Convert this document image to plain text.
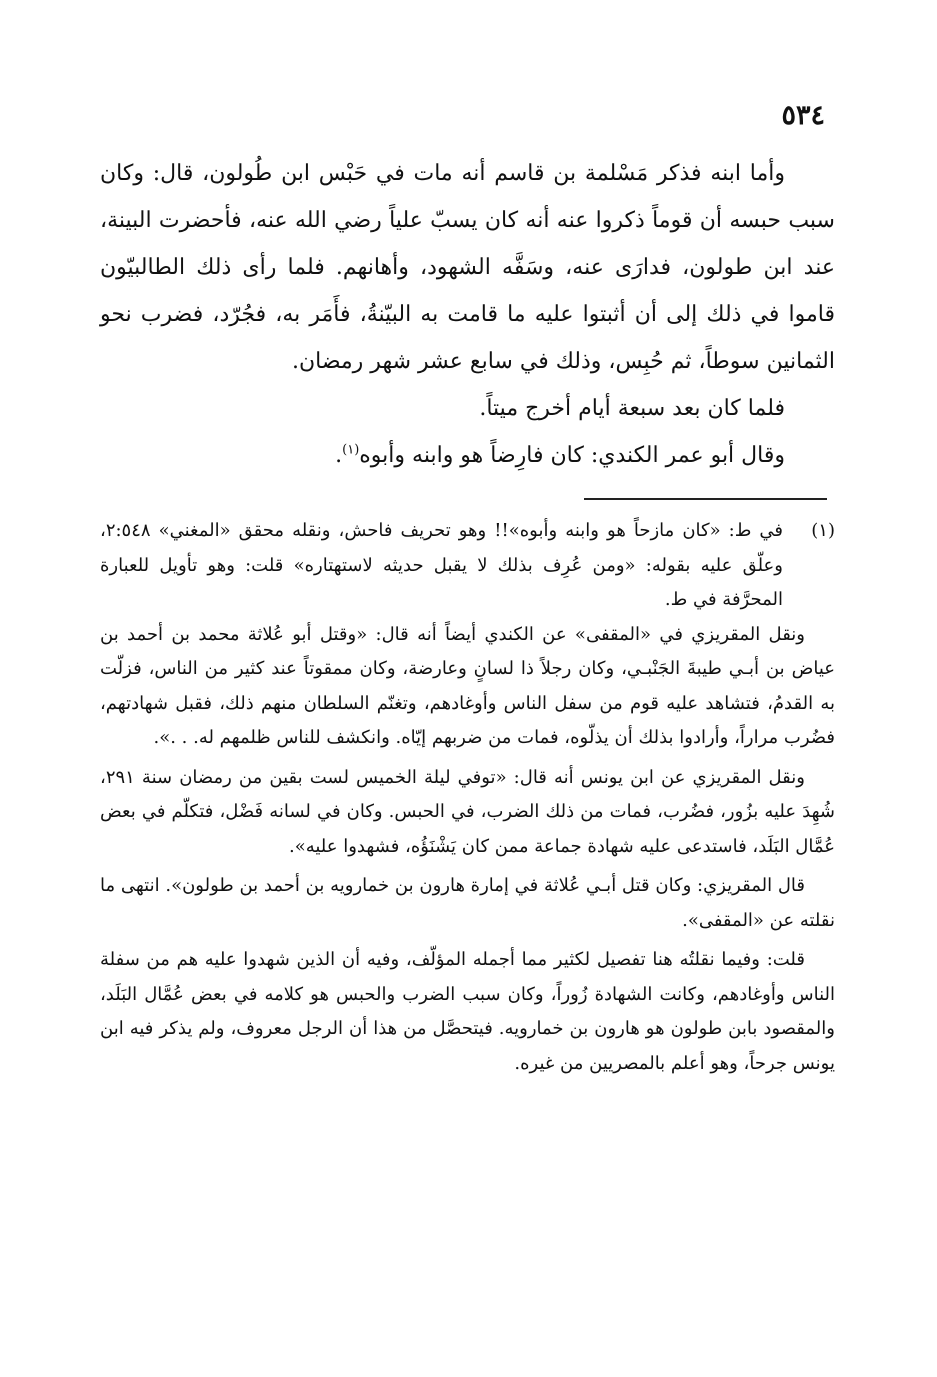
٥٣٤

وأما ابنه فذكر مَسْلمة بن قاسم أنه مات في حَبْس ابن طُولون، قال: وكان سبب حبسه أن قوماً ذكروا عنه أنه كان يسبّ علياً رضي الله عنه، فأحضرت البينة، عند ابن طولون، فدارَى عنه، وسَفَّه الشهود، وأهانهم. فلما رأى ذلك الطالبيّون قاموا في ذلك إلى أن أثبتوا عليه ما قامت به البيّنةُ، فأَمَر به، فجُرّد، فضرب نحو الثمانين سوطاً، ثم حُبِس، وذلك في سابع عشر شهر رمضان.

فلما كان بعد سبعة أيام أخرج ميتاً.

وقال أبو عمر الكندي: كان فارِضاً هو وابنه وأبوه$^{(١)}$.

(١)
في ط: «كان مازحاً هو وابنه وأبوه»!! وهو تحريف فاحش، ونقله محقق «المغني» ٢:٥٤٨، وعلّق عليه بقوله: «ومن عُرِف بذلك لا يقبل حديثه لاستهتاره» قلت: وهو تأويل للعبارة المحرَّفة في ط.

ونقل المقريزي في «المقفى» عن الكندي أيضاً أنه قال: «وقتل أبو عُلاثة محمد بن أحمد بن عياض بن أبـي طيبةَ الجَنْبـي، وكان رجلاً ذا لسانٍ وعارضة، وكان ممقوتاً عند كثير من الناس، فزلّت به القدمُ، فتشاهد عليه قوم من سفل الناس وأوغادهم، وتغنّم السلطان منهم ذلك، فقبل شهادتهم، فضُرب مراراً، وأرادوا بذلك أن يذلّوه، فمات من ضربهم إيّاه. وانكشف للناس ظلمهم له. . .».

ونقل المقريزي عن ابن يونس أنه قال: «توفي ليلة الخميس لست بقين من رمضان سنة ٢٩١، شُهِدَ عليه بزُور، فضُرب، فمات من ذلك الضرب، في الحبس. وكان في لسانه فَضْل، فتكلّم في بعض عُمَّال البَلَد، فاستدعى عليه شهادة جماعة ممن كان يَشْنَؤُه، فشهدوا عليه».

قال المقريزي: وكان قتل أبـي عُلاثة في إمارة هارون بن خمارويه بن أحمد بن طولون». انتهى ما نقلته عن «المقفى».

قلت: وفيما نقلتُه هنا تفصيل لكثير مما أجمله المؤلّف، وفيه أن الذين شهدوا عليه هم من سفلة الناس وأوغادهم، وكانت الشهادة زُوراً، وكان سبب الضرب والحبس هو كلامه في بعض عُمَّال البَلَد، والمقصود بابن طولون هو هارون بن خمارويه. فيتحصَّل من هذا أن الرجل معروف، ولم يذكر فيه ابن يونس جرحاً، وهو أعلم بالمصريين من غيره.
